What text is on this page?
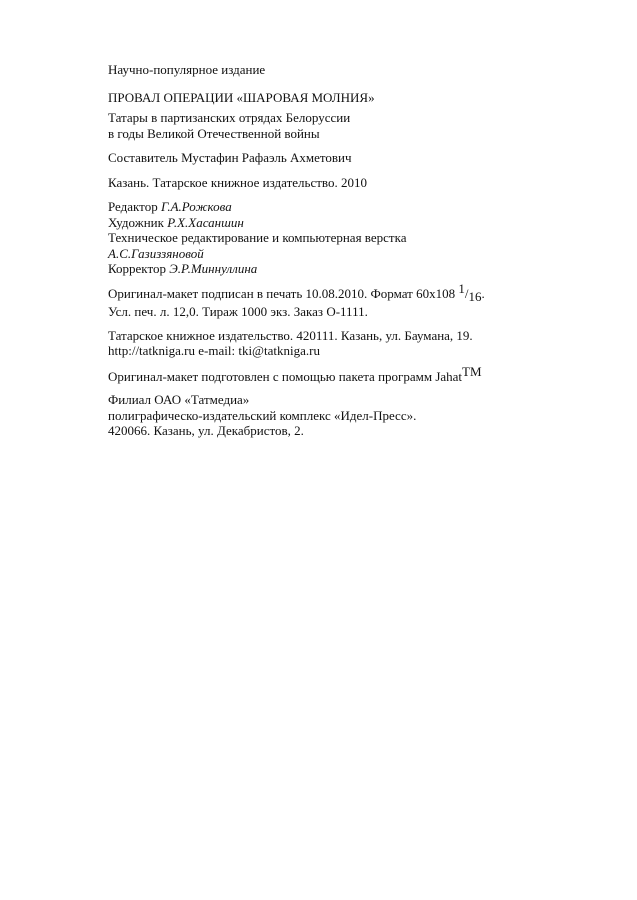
Научно-популярное издание

ПРОВАЛ ОПЕРАЦИИ «ШАРОВАЯ МОЛНИЯ»

Татары в партизанских отрядах Белоруссии
в годы Великой Отечественной войны

Составитель Мустафин Рафаэль Ахметович

Казань. Татарское книжное издательство. 2010

Редактор Г.А.Рожкова
Художник Р.Х.Хасаншин
Техническое редактирование и компьютерная верстка
А.С.Газиззяновой
Корректор Э.Р.Миннуллина
Оригинал-макет подписан в печать 10.08.2010. Формат 60х108 1/16.
Усл. печ. л. 12,0. Тираж 1000 экз. Заказ О-1111.
Татарское книжное издательство. 420111. Казань, ул. Баумана, 19.
http://tatkniga.ru e-mail: tki@tatkniga.ru

Оригинал-макет подготовлен с помощью пакета программ JahatTM

Филиал ОАО «Татмедиа»
полиграфическо-издательский комплекс «Идел-Пресс».
420066. Казань, ул. Декабристов, 2.
